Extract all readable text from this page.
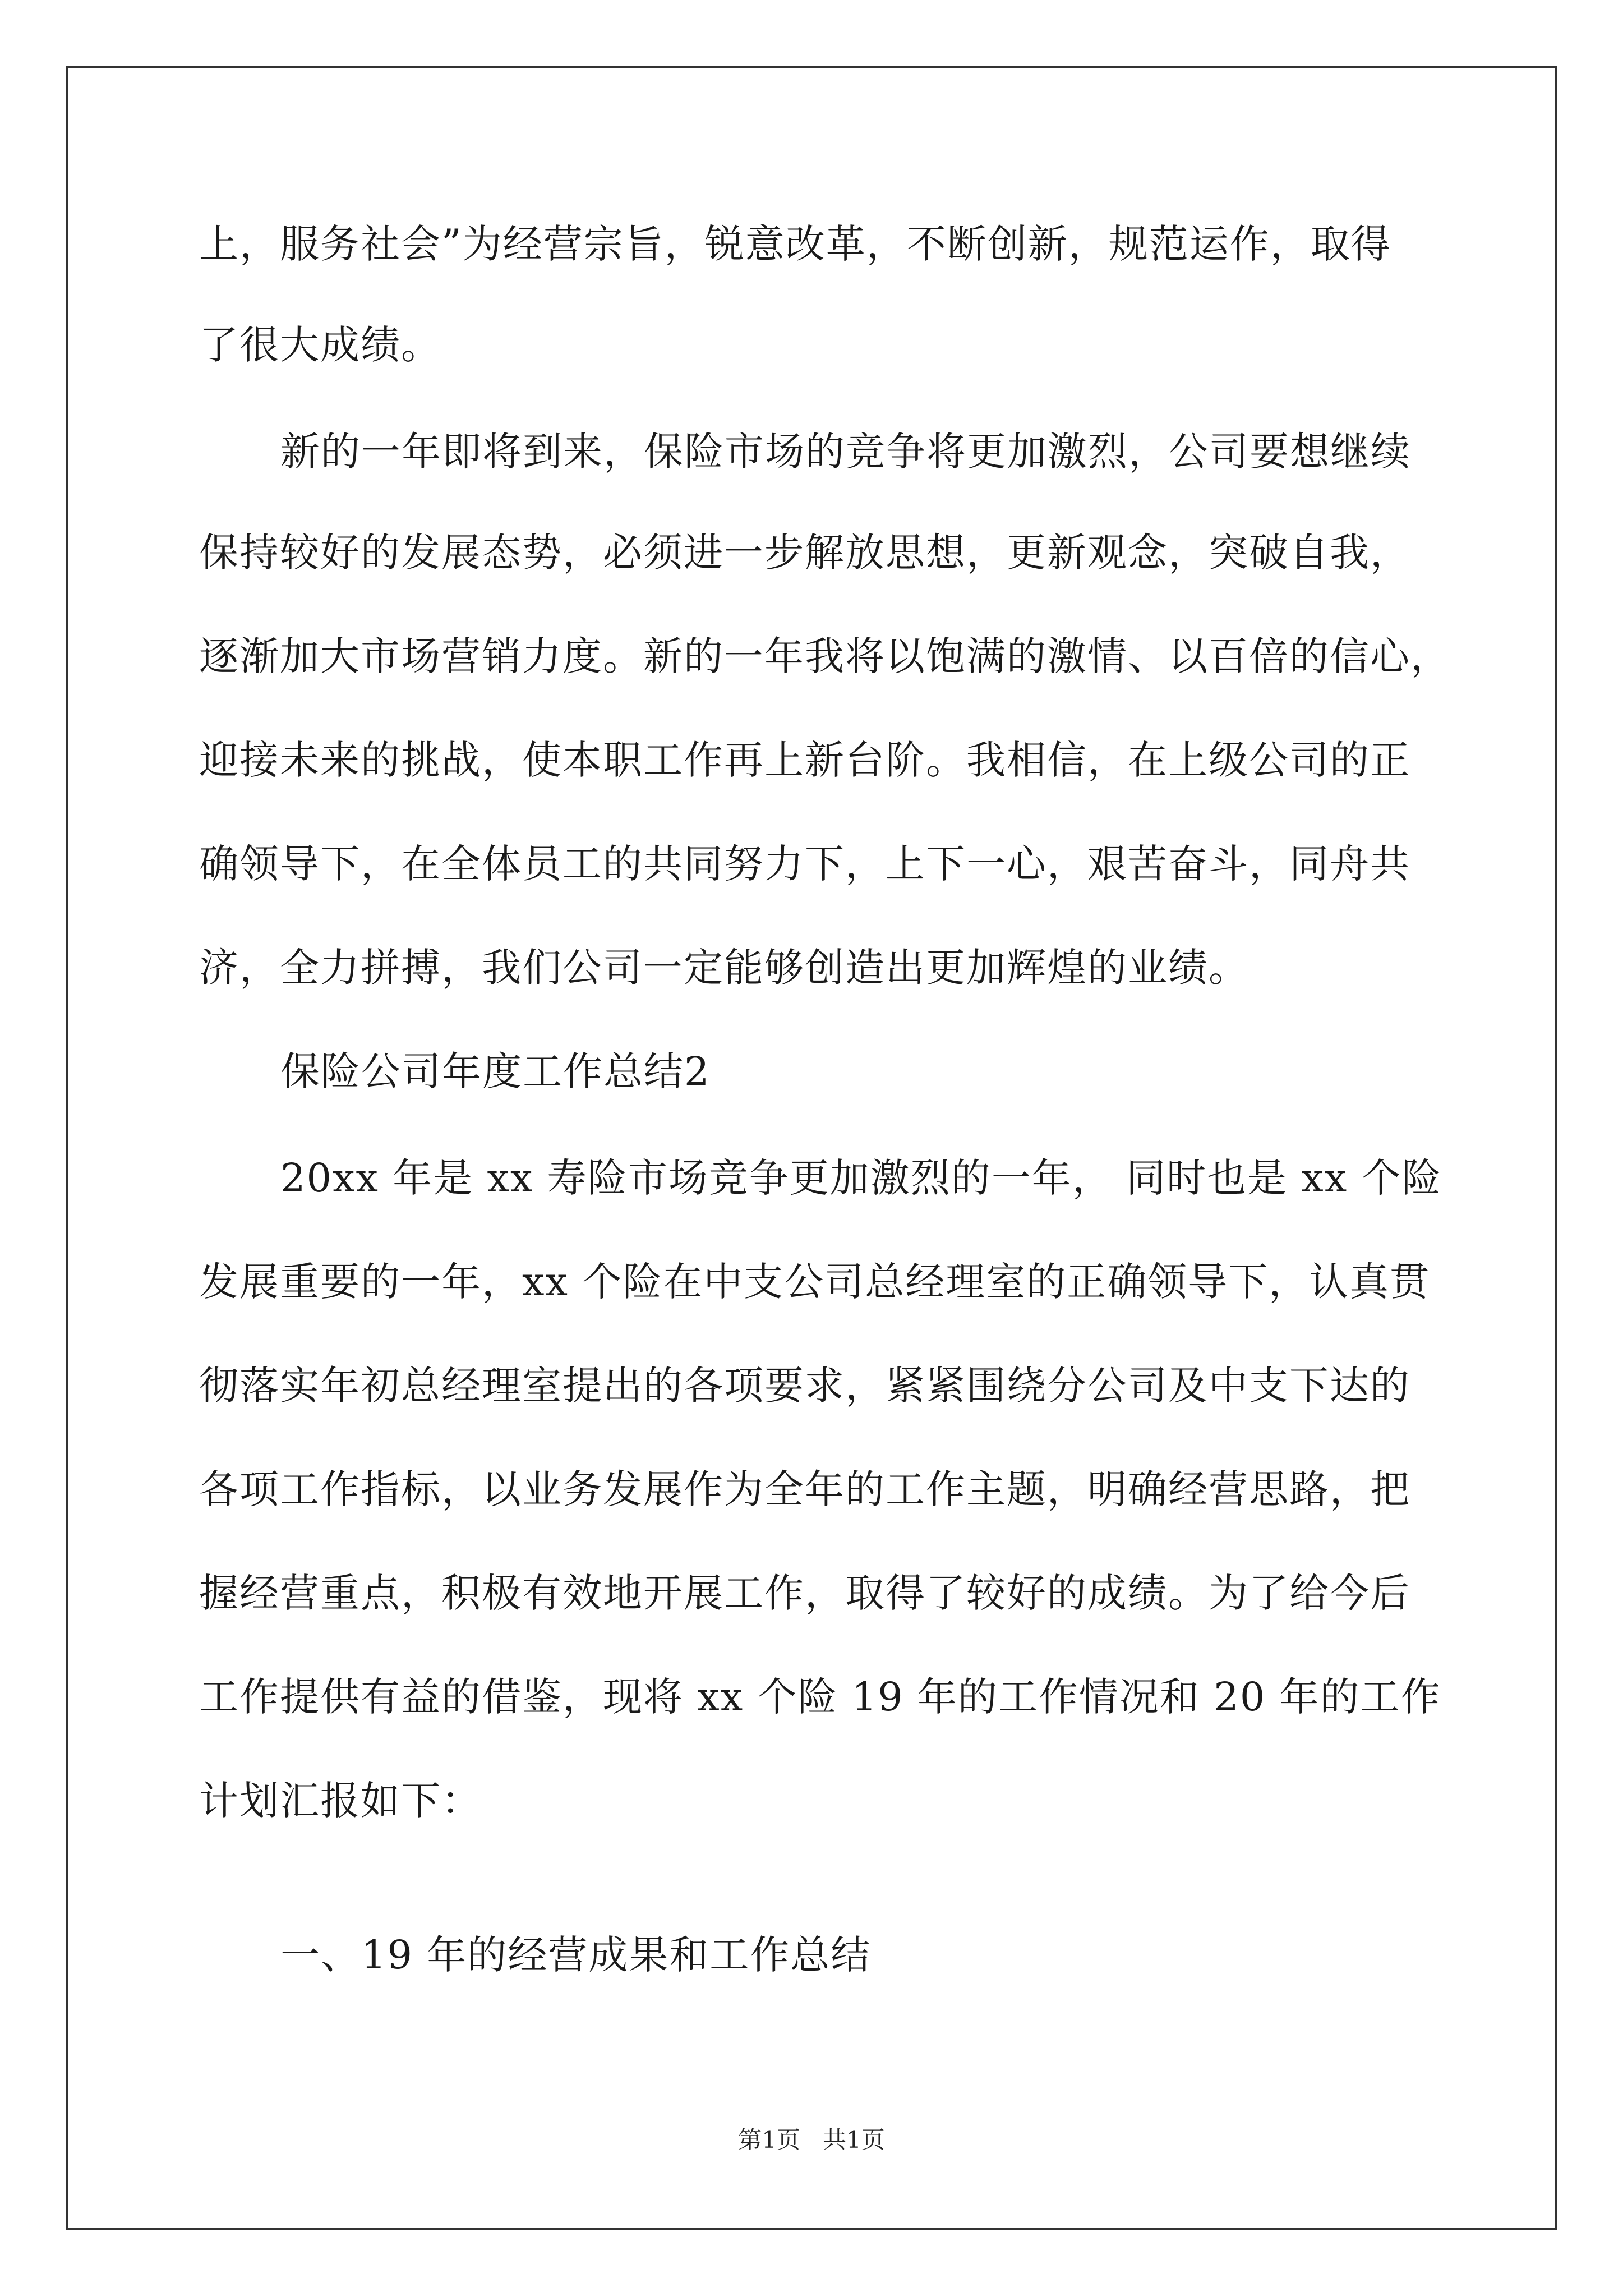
上，服务社会”为经营宗旨，锐意改革，不断创新，规范运作，取得
了很大成绩。
新的一年即将到来，保险市场的竞争将更加激烈，公司要想继续
保持较好的发展态势，必须进一步解放思想，更新观念，突破自我，
逐渐加大市场营销力度。新的一年我将以饱满的激情、以百倍的信心，
迎接未来的挑战，使本职工作再上新台阶。我相信，在上级公司的正
确领导下，在全体员工的共同努力下，上下一心，艰苦奋斗，同舟共
济，全力拼搏，我们公司一定能够创造出更加辉煌的业绩。
保险公司年度工作总结2
20xx 年是 xx 寿险市场竞争更加激烈的一年， 同时也是 xx 个险
发展重要的一年，xx 个险在中支公司总经理室的正确领导下，认真贯
彻落实年初总经理室提出的各项要求，紧紧围绕分公司及中支下达的
各项工作指标，以业务发展作为全年的工作主题，明确经营思路，把
握经营重点，积极有效地开展工作，取得了较好的成绩。为了给今后
工作提供有益的借鉴，现将 xx 个险 19 年的工作情况和 20 年的工作
计划汇报如下：
一、19 年的经营成果和工作总结
第1页   共1页
